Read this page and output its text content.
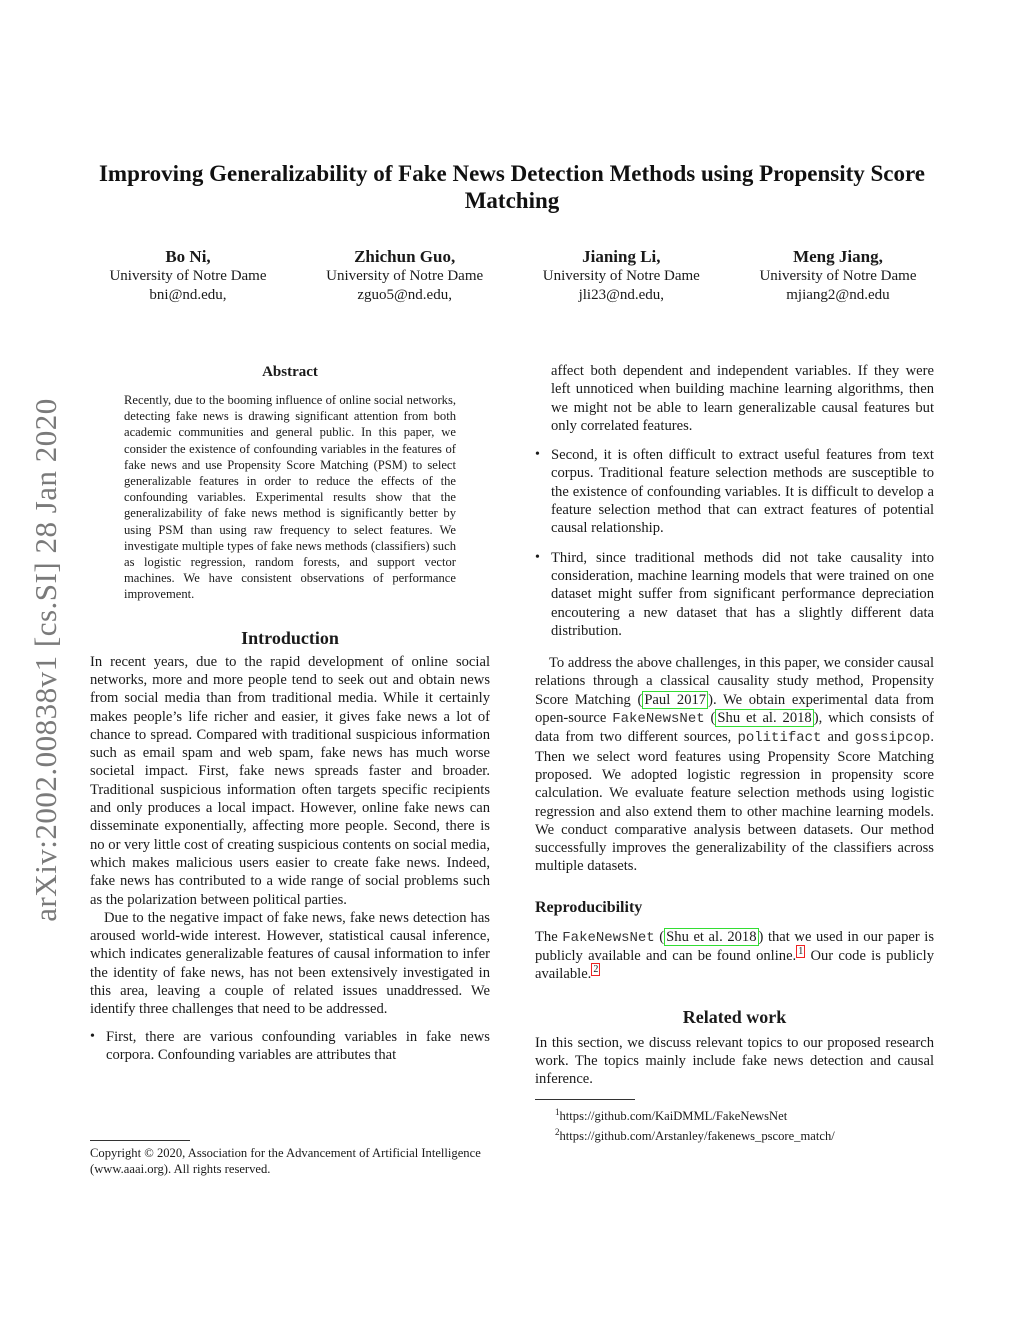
arXiv:2002.00838v1 [cs.SI] 28 Jan 2020
Improving Generalizability of Fake News Detection Methods using Propensity Score Matching
Bo Ni,
University of Notre Dame
bni@nd.edu,
Zhichun Guo,
University of Notre Dame
zguo5@nd.edu,
Jianing Li,
University of Notre Dame
jli23@nd.edu,
Meng Jiang,
University of Notre Dame
mjiang2@nd.edu
Abstract

Recently, due to the booming influence of online social networks, detecting fake news is drawing significant attention from both academic communities and general public. In this paper, we consider the existence of confounding variables in the features of fake news and use Propensity Score Matching (PSM) to select generalizable features in order to reduce the effects of the confounding variables. Experimental results show that the generalizability of fake news method is significantly better by using PSM than using raw frequency to select features. We investigate multiple types of fake news methods (classifiers) such as logistic regression, random forests, and support vector machines. We have consistent observations of performance improvement.

Introduction

In recent years, due to the rapid development of online social networks, more and more people tend to seek out and obtain news from social media than from traditional media. While it certainly makes people’s life richer and easier, it gives fake news a lot of chance to spread. Compared with traditional suspicious information such as email spam and web spam, fake news has much worse societal impact. First, fake news spreads faster and broader. Traditional suspicious information often targets specific recipients and only produces a local impact. However, online fake news can disseminate exponentially, affecting more people. Second, there is no or very little cost of creating suspicious contents on social media, which makes malicious users easier to create fake news. Indeed, fake news has contributed to a wide range of social problems such as the polarization between political parties.

Due to the negative impact of fake news, fake news detection has aroused world-wide interest. However, statistical causal inference, which indicates generalizable features of causal information to infer the identity of fake news, has not been extensively investigated in this area, leaving a couple of related issues unaddressed. We identify three challenges that need to be addressed.

• First, there are various confounding variables in fake news corpora. Confounding variables are attributes that

Copyright © 2020, Association for the Advancement of Artificial Intelligence (www.aaai.org). All rights reserved.

affect both dependent and independent variables. If they were left unnoticed when building machine learning algorithms, then we might not be able to learn generalizable causal features but only correlated features.
• Second, it is often difficult to extract useful features from text corpus. Traditional feature selection methods are susceptible to the existence of confounding variables. It is difficult to develop a feature selection method that can extract features of potential causal relationship.
• Third, since traditional methods did not take causality into consideration, machine learning models that were trained on one dataset might suffer from significant performance depreciation encoutering a new dataset that has a slightly different data distribution.

To address the above challenges, in this paper, we consider causal relations through a classical causality study method, Propensity Score Matching ( Paul 2017 ). We obtain experimental data from open-source FakeNewsNet ( Shu et al. 2018 ), which consists of data from two different sources, politifact and gossipcop. Then we select word features using Propensity Score Matching proposed. We adopted logistic regression in propensity score calculation. We evaluate feature selection methods using logistic regression and also extend them to other machine learning models. We conduct comparative analysis between datasets. Our method successfully improves the generalizability of the classifiers across multiple datasets.

Reproducibility

The FakeNewsNet ( Shu et al. 2018 ) that we used in our paper is publicly available and can be found online. $^1$ Our code is publicly available. $^2$

Related work

In this section, we discuss relevant topics to our proposed research work. The topics mainly include fake news detection and causal inference.

$^1$https://github.com/KaiDMML/FakeNewsNet

$^2$https://github.com/Arstanley/fakenews_pscore_match/
